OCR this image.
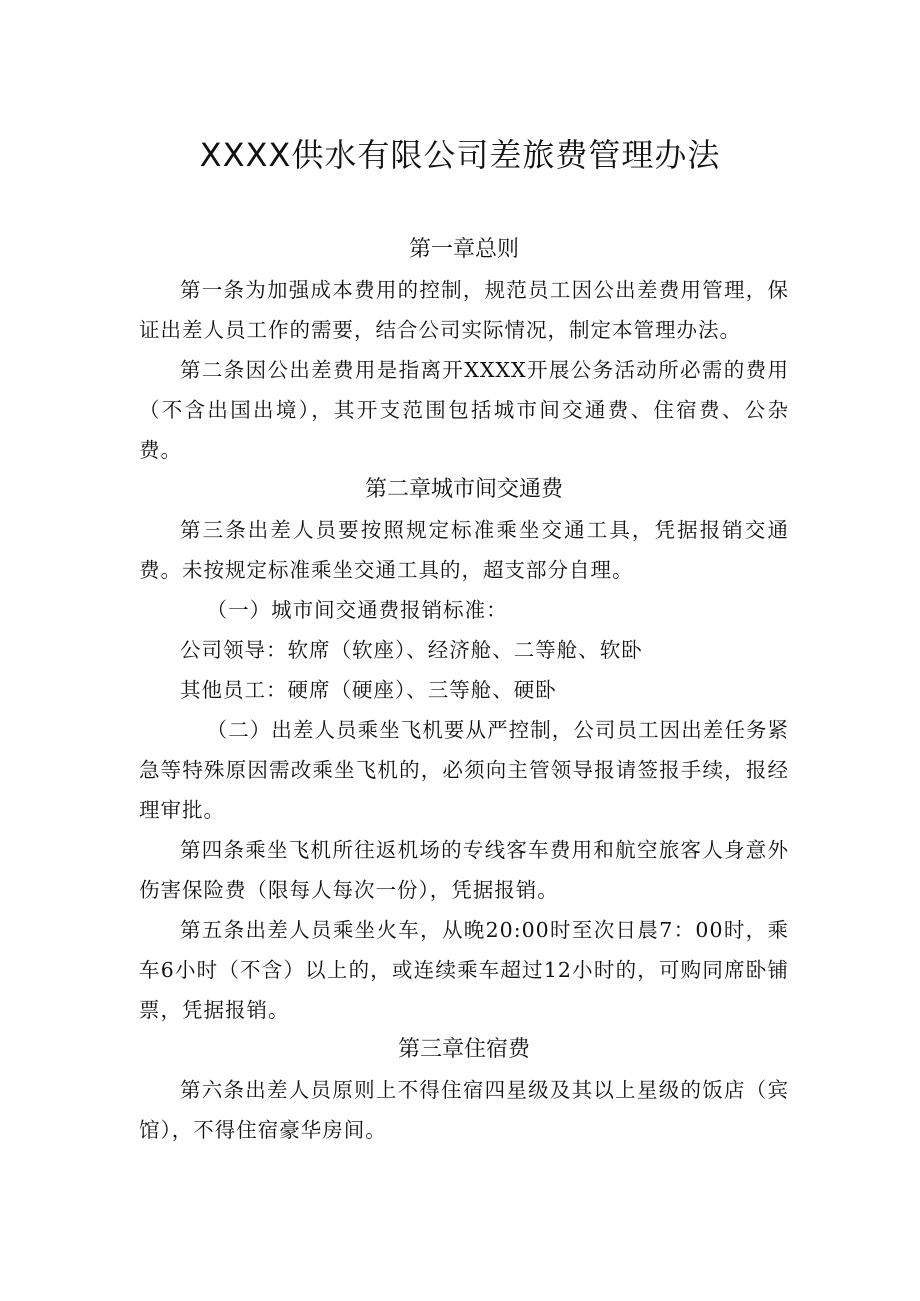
XXXX供水有限公司差旅费管理办法
第一章总则

第一条为加强成本费用的控制，规范员工因公出差费用管理，保证出差人员工作的需要，结合公司实际情况，制定本管理办法。

第二条因公出差费用是指离开XXXX开展公务活动所必需的费用（不含出国出境），其开支范围包括城市间交通费、住宿费、公杂费。

第二章城市间交通费

第三条出差人员要按照规定标准乘坐交通工具，凭据报销交通费。未按规定标准乘坐交通工具的，超支部分自理。

（一）城市间交通费报销标准：

公司领导：软席（软座）、经济舱、二等舱、软卧

其他员工：硬席（硬座）、三等舱、硬卧

（二）出差人员乘坐飞机要从严控制，公司员工因出差任务紧急等特殊原因需改乘坐飞机的，必须向主管领导报请签报手续，报经理审批。

第四条乘坐飞机所往返机场的专线客车费用和航空旅客人身意外伤害保险费（限每人每次一份），凭据报销。

第五条出差人员乘坐火车，从晚20:00时至次日晨7：00时，乘车6小时（不含）以上的，或连续乘车超过12小时的，可购同席卧铺票，凭据报销。

第三章住宿费

第六条出差人员原则上不得住宿四星级及其以上星级的饭店（宾馆），不得住宿豪华房间。
